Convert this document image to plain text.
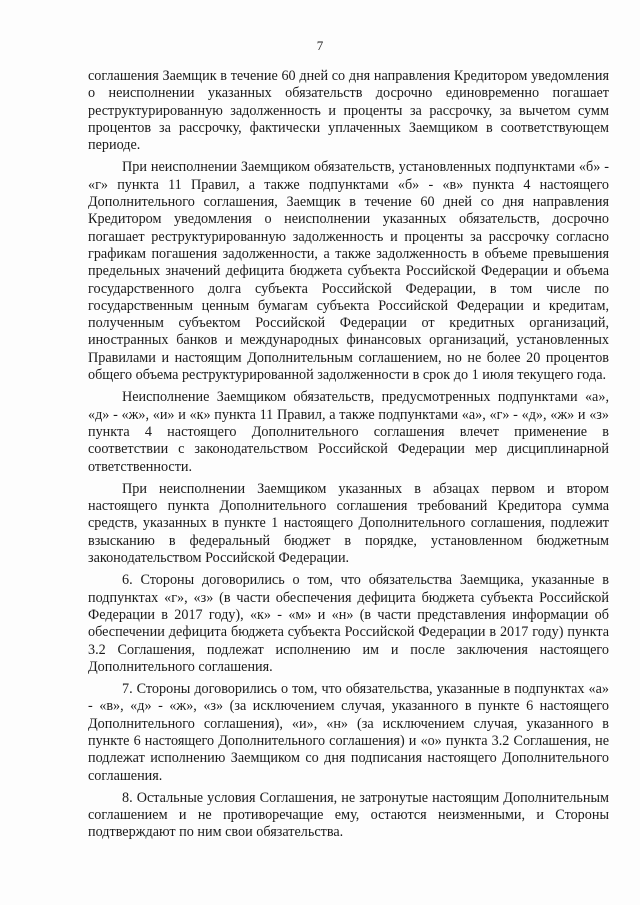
7

соглашения Заемщик в течение 60 дней со дня направления Кредитором уведомления о неисполнении указанных обязательств досрочно единовременно погашает реструктурированную задолженность и проценты за рассрочку, за вычетом сумм процентов за рассрочку, фактически уплаченных Заемщиком в соответствующем периоде.

При неисполнении Заемщиком обязательств, установленных подпунктами «б» - «г» пункта 11 Правил, а также подпунктами «б» - «в» пункта 4 настоящего Дополнительного соглашения, Заемщик в течение 60 дней со дня направления Кредитором уведомления о неисполнении указанных обязательств, досрочно погашает реструктурированную задолженность и проценты за рассрочку согласно графикам погашения задолженности, а также задолженность в объеме превышения предельных значений дефицита бюджета субъекта Российской Федерации и объема государственного долга субъекта Российской Федерации, в том числе по государственным ценным бумагам субъекта Российской Федерации и кредитам, полученным субъектом Российской Федерации от кредитных организаций, иностранных банков и международных финансовых организаций, установленных Правилами и настоящим Дополнительным соглашением, но не более 20 процентов общего объема реструктурированной задолженности в срок до 1 июля текущего года.

Неисполнение Заемщиком обязательств, предусмотренных подпунктами «а», «д» - «ж», «и» и «к» пункта 11 Правил, а также подпунктами «а», «г» - «д», «ж» и «з» пункта 4 настоящего Дополнительного соглашения влечет применение в соответствии с законодательством Российской Федерации мер дисциплинарной ответственности.

При неисполнении Заемщиком указанных в абзацах первом и втором настоящего пункта Дополнительного соглашения требований Кредитора сумма средств, указанных в пункте 1 настоящего Дополнительного соглашения, подлежит взысканию в федеральный бюджет в порядке, установленном бюджетным законодательством Российской Федерации.

6. Стороны договорились о том, что обязательства Заемщика, указанные в подпунктах «г», «з» (в части обеспечения дефицита бюджета субъекта Российской Федерации в 2017 году), «к» - «м» и «н» (в части представления информации об обеспечении дефицита бюджета субъекта Российской Федерации в 2017 году) пункта 3.2 Соглашения, подлежат исполнению им и после заключения настоящего Дополнительного соглашения.

7. Стороны договорились о том, что обязательства, указанные в подпунктах «а» - «в», «д» - «ж», «з» (за исключением случая, указанного в пункте 6 настоящего Дополнительного соглашения), «и», «н» (за исключением случая, указанного в пункте 6 настоящего Дополнительного соглашения) и «о» пункта 3.2 Соглашения, не подлежат исполнению Заемщиком со дня подписания настоящего Дополнительного соглашения.

8. Остальные условия Соглашения, не затронутые настоящим Дополнительным соглашением и не противоречащие ему, остаются неизменными, и Стороны подтверждают по ним свои обязательства.
